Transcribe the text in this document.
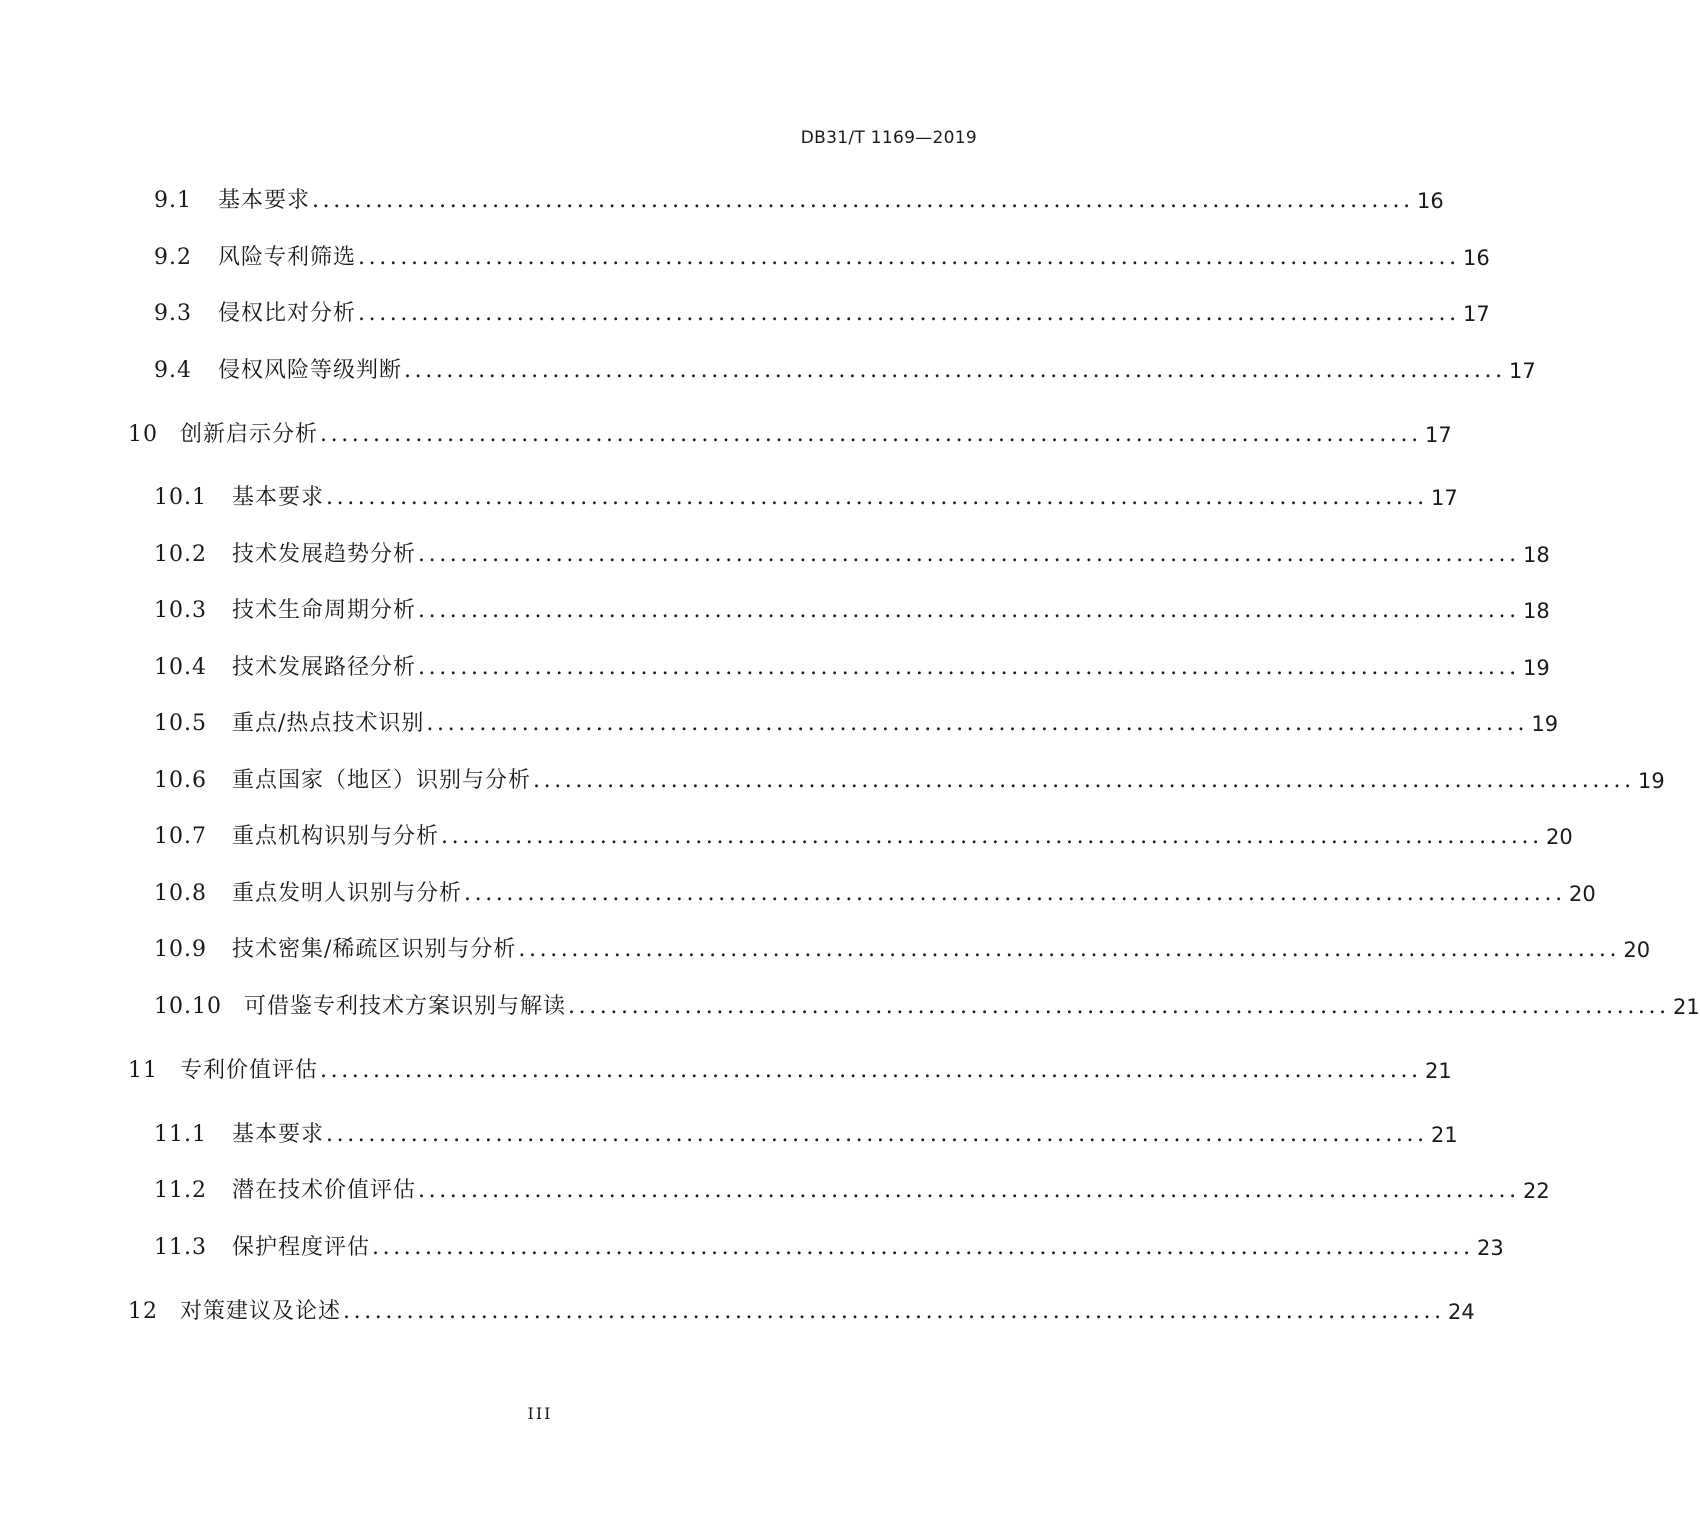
DB31/T 1169—2019
9.1	基本要求 ........................................................................................................ 16
9.2	风险专利筛选 ........................................................................................................ 16
9.3	侵权比对分析 ........................................................................................................ 17
9.4	侵权风险等级判断 ........................................................................................................ 17
10	创新启示分析 ........................................................................................................ 17
10.1	基本要求 ........................................................................................................ 17
10.2	技术发展趋势分析 ........................................................................................................ 18
10.3	技术生命周期分析 ........................................................................................................ 18
10.4	技术发展路径分析 ........................................................................................................ 19
10.5	重点/热点技术识别 ........................................................................................................ 19
10.6	重点国家（地区）识别与分析 ........................................................................................................ 19
10.7	重点机构识别与分析 ........................................................................................................ 20
10.8	重点发明人识别与分析 ........................................................................................................ 20
10.9	技术密集/稀疏区识别与分析 ........................................................................................................ 20
10.10	可借鉴专利技术方案识别与解读 ........................................................................................................ 21
11	专利价值评估 ........................................................................................................ 21
11.1	基本要求 ........................................................................................................ 21
11.2	潜在技术价值评估 ........................................................................................................ 22
11.3	保护程度评估 ........................................................................................................ 23
12	对策建议及论述 ........................................................................................................ 24
III
